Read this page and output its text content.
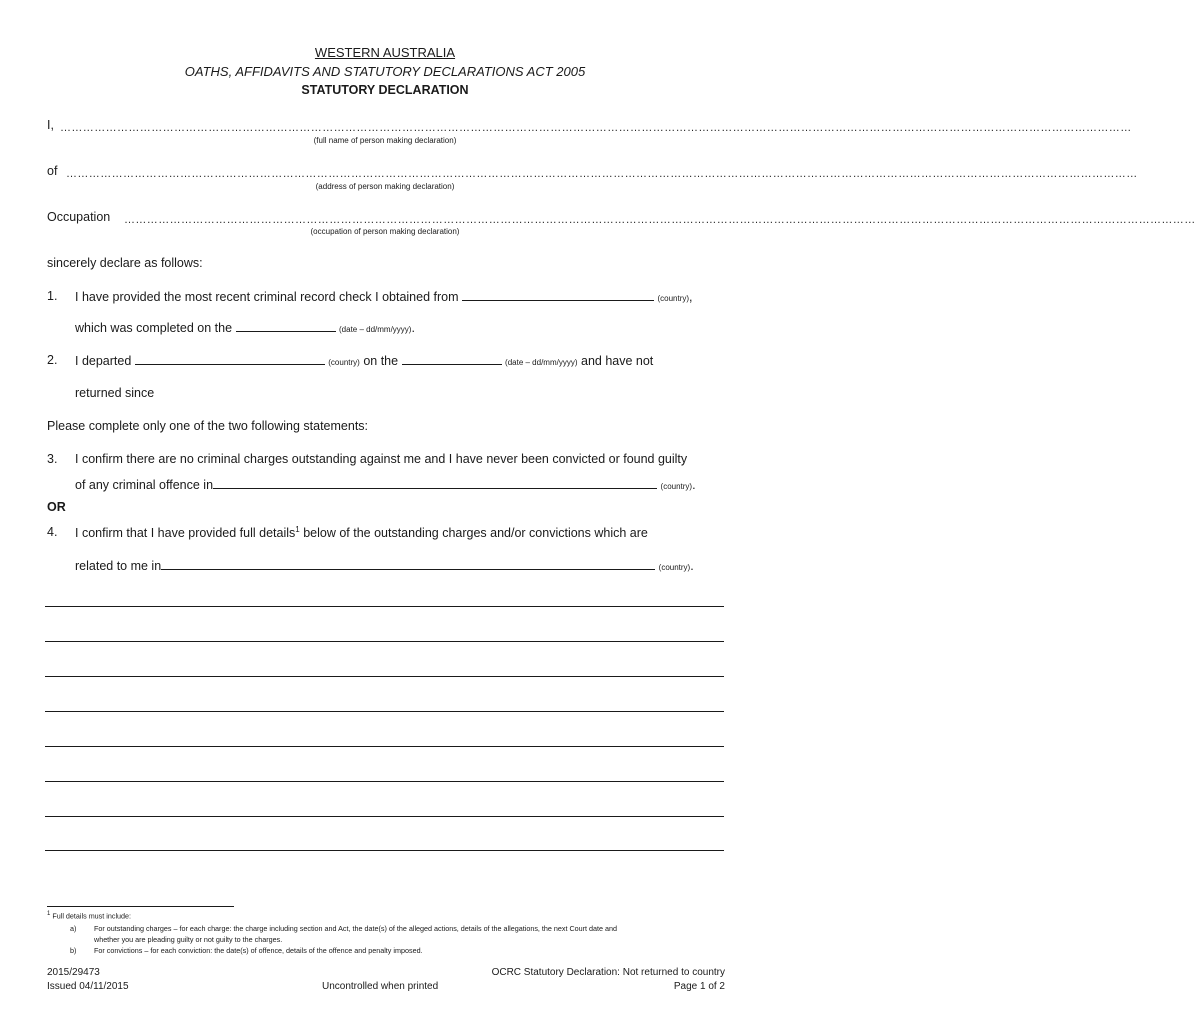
WESTERN AUSTRALIA
OATHS, AFFIDAVITS AND STATUTORY DECLARATIONS ACT 2005
STATUTORY DECLARATION
I, …………………………………………………………………………………………………………………………………………………………………………………………………………………………………………………………
(full name of person making declaration)
of …………………………………………………………………………………………………………………………………………………………………………………………………………………………………………………………
(address of person making declaration)
Occupation …………………………………………………………………………………………………………………………………………………………………………………………………………………………………………………………
(occupation of person making declaration)
sincerely declare as follows:
1. I have provided the most recent criminal record check I obtained from	(country),
which was completed on the	(date – dd/mm/yyyy).
2. I departed	(country) on the	(date – dd/mm/yyyy) and have not
returned since
Please complete only one of the two following statements:
3. I confirm there are no criminal charges outstanding against me and I have never been convicted or found guilty
of any criminal offence in	(country).
OR
4. I confirm that I have provided full details$^1$ below of the outstanding charges and/or convictions which are
related to me in	(country).
$^1$ Full details must include:
a) For outstanding charges – for each charge: the charge including section and Act, the date(s) of the alleged actions, details of the allegations, the next Court date and
whether you are pleading guilty or not guilty to the charges.
b) For convictions – for each conviction: the date(s) of offence, details of the offence and penalty imposed.
2015/29473
Issued 04/11/2015	Uncontrolled when printed
OCRC Statutory Declaration: Not returned to country
Page 1 of 2
